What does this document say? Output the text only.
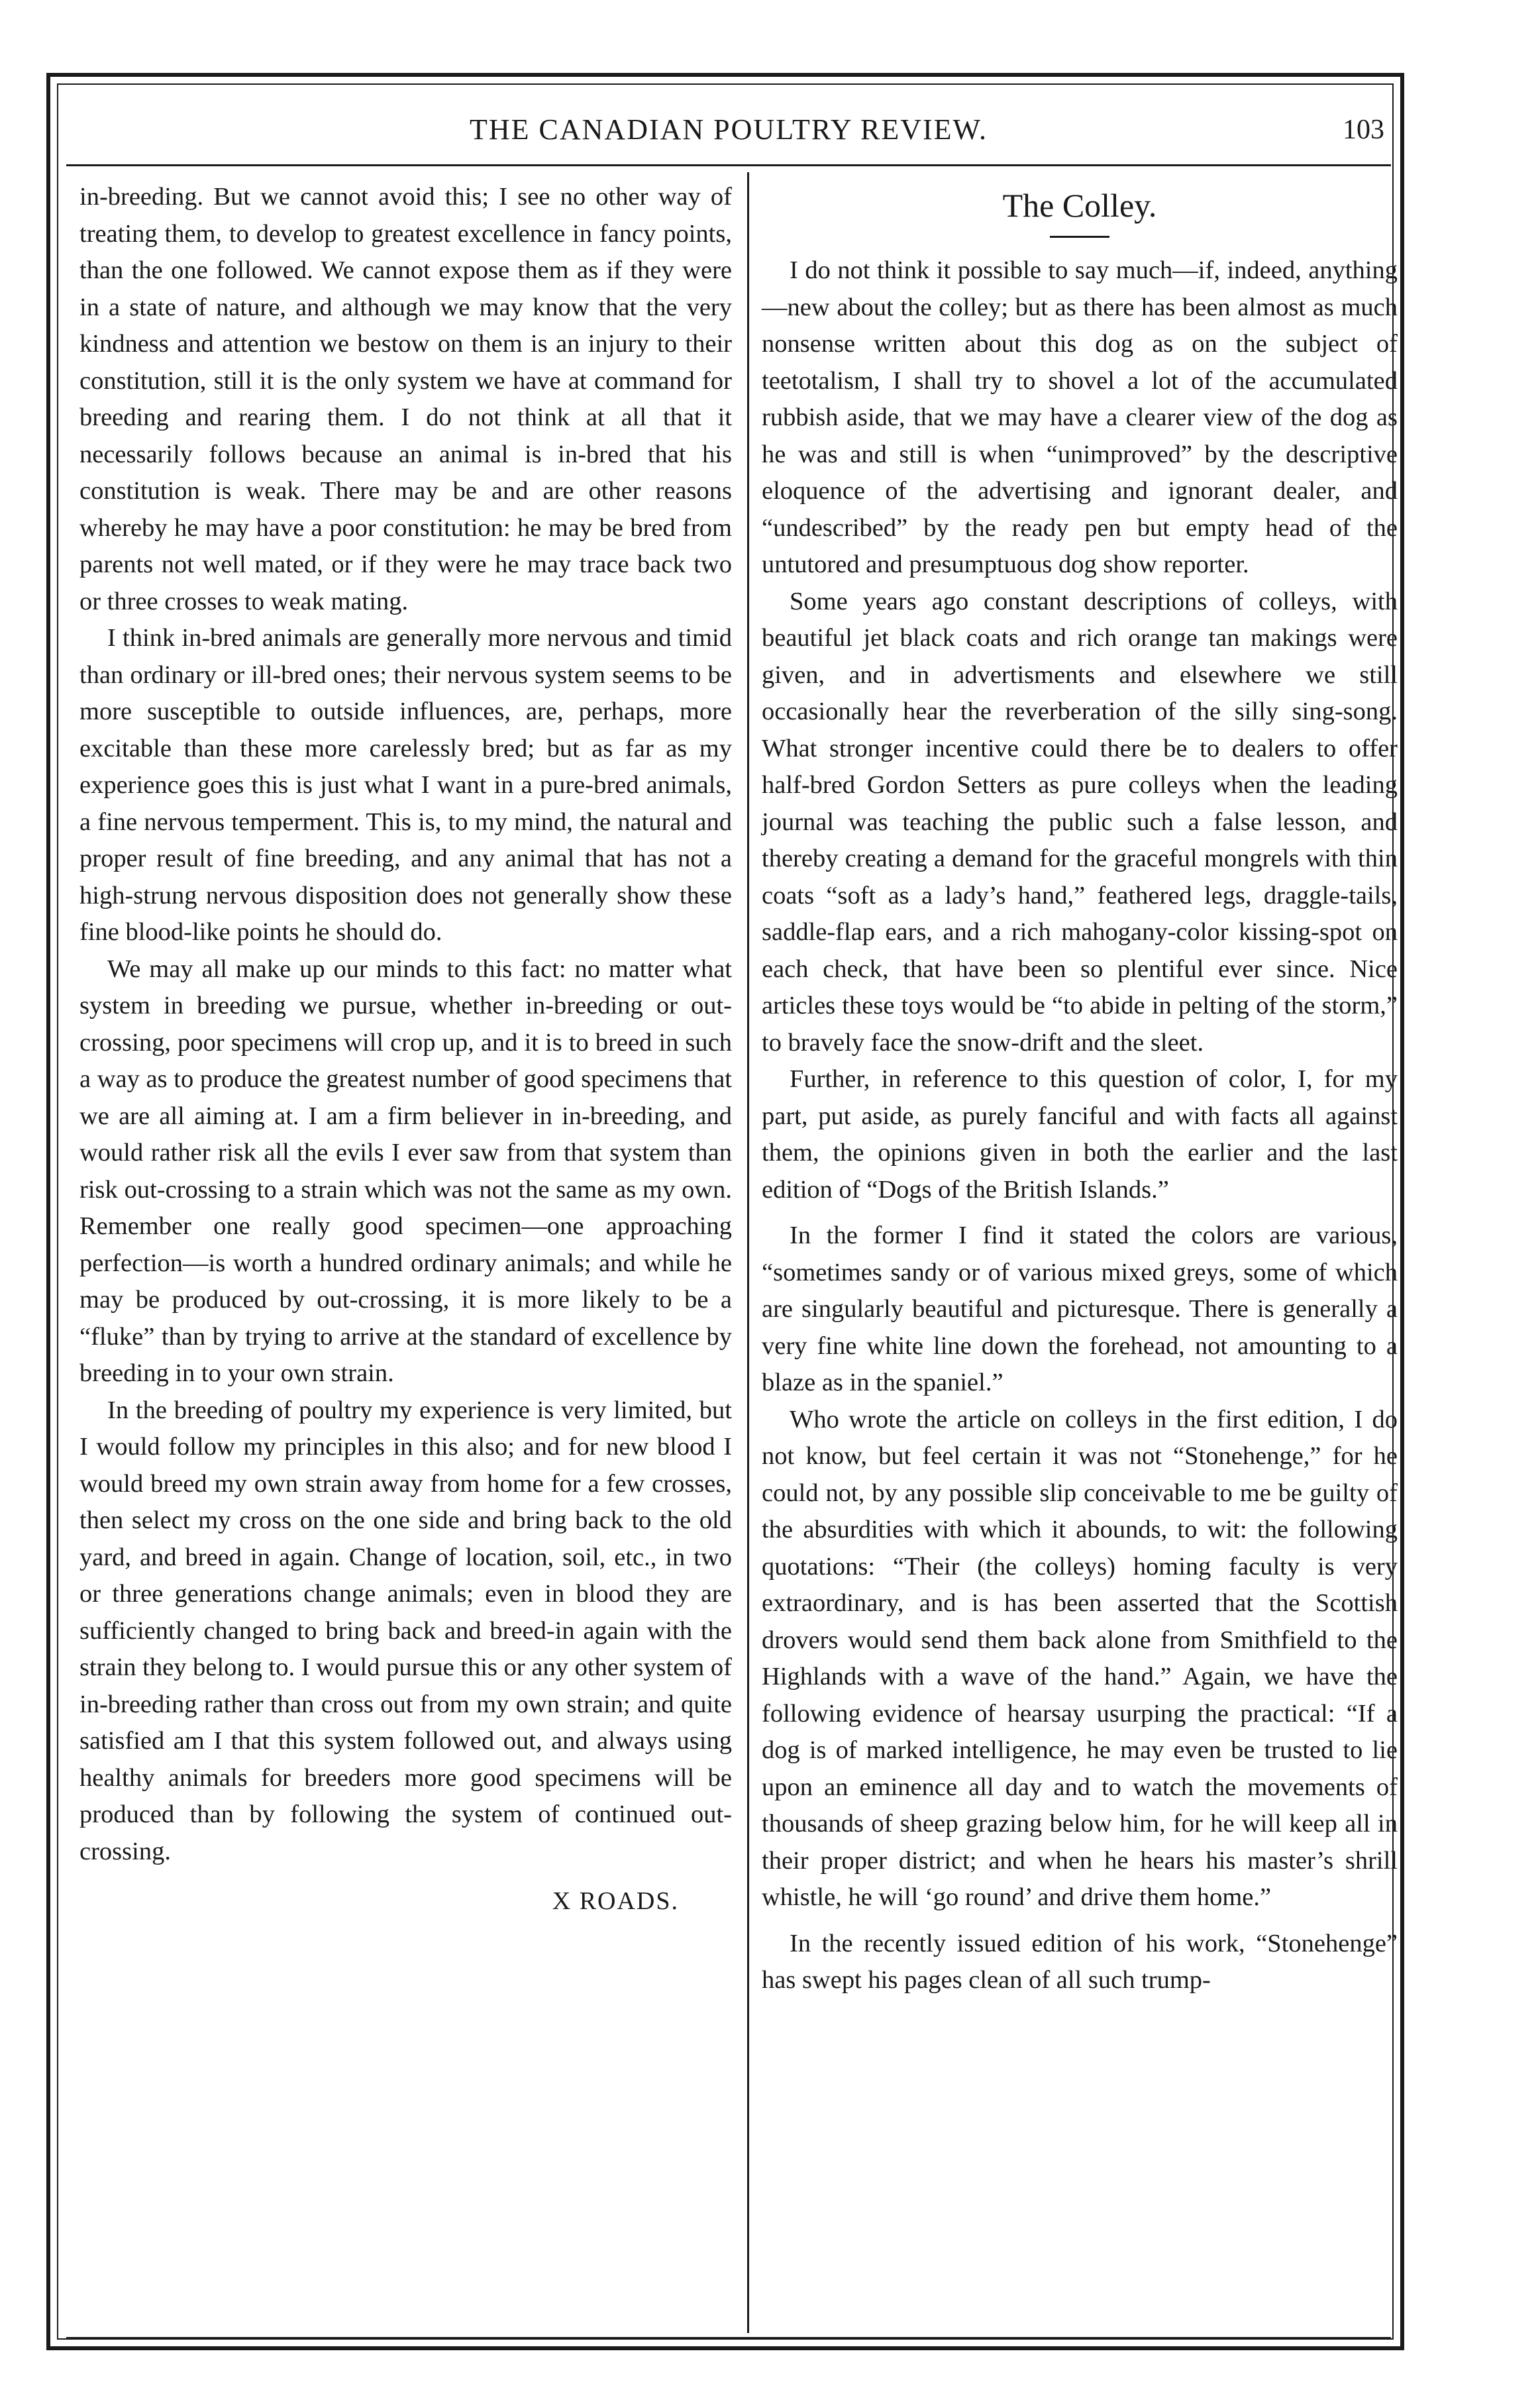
THE CANADIAN POULTRY REVIEW.	103

in-breeding. But we cannot avoid this; I see no other way of treating them, to develop to greatest excellence in fancy points, than the one followed. We cannot expose them as if they were in a state of nature, and although we may know that the very kindness and attention we bestow on them is an injury to their constitution, still it is the only system we have at command for breeding and rearing them. I do not think at all that it necessarily follows because an animal is in-bred that his constitution is weak. There may be and are other reasons whereby he may have a poor constitution: he may be bred from parents not well mated, or if they were he may trace back two or three crosses to weak mating.

I think in-bred animals are generally more nervous and timid than ordinary or ill-bred ones; their nervous system seems to be more susceptible to outside influences, are, perhaps, more excitable than these more carelessly bred; but as far as my experience goes this is just what I want in a pure-bred animals, a fine nervous temperment. This is, to my mind, the natural and proper result of fine breeding, and any animal that has not a high-strung nervous disposition does not generally show these fine blood-like points he should do.

We may all make up our minds to this fact: no matter what system in breeding we pursue, whether in-breeding or out-crossing, poor specimens will crop up, and it is to breed in such a way as to produce the greatest number of good specimens that we are all aiming at. I am a firm believer in in-breeding, and would rather risk all the evils I ever saw from that system than risk out-crossing to a strain which was not the same as my own. Remember one really good specimen—one approaching perfection—is worth a hundred ordinary animals; and while he may be produced by out-crossing, it is more likely to be a “fluke” than by trying to arrive at the standard of excellence by breeding in to your own strain.

In the breeding of poultry my experience is very limited, but I would follow my principles in this also; and for new blood I would breed my own strain away from home for a few crosses, then select my cross on the one side and bring back to the old yard, and breed in again. Change of location, soil, etc., in two or three generations change animals; even in blood they are sufficiently changed to bring back and breed-in again with the strain they belong to. I would pursue this or any other system of in-breeding rather than cross out from my own strain; and quite satisfied am I that this system followed out, and always using healthy animals for breeders more good specimens will be produced than by following the system of continued out-crossing.

X ROADS.
The Colley.

I do not think it possible to say much—if, indeed, anything—new about the colley; but as there has been almost as much nonsense written about this dog as on the subject of teetotalism, I shall try to shovel a lot of the accumulated rubbish aside, that we may have a clearer view of the dog as he was and still is when “unimproved” by the descriptive eloquence of the advertising and ignorant dealer, and “undescribed” by the ready pen but empty head of the untutored and presumptuous dog show reporter.

Some years ago constant descriptions of colleys, with beautiful jet black coats and rich orange tan makings were given, and in advertisments and elsewhere we still occasionally hear the reverberation of the silly sing-song. What stronger incentive could there be to dealers to offer half-bred Gordon Setters as pure colleys when the leading journal was teaching the public such a false lesson, and thereby creating a demand for the graceful mongrels with thin coats “soft as a lady’s hand,” feathered legs, draggle-tails, saddle-flap ears, and a rich mahogany-color kissing-spot on each check, that have been so plentiful ever since. Nice articles these toys would be “to abide in pelting of the storm,” to bravely face the snow-drift and the sleet.

Further, in reference to this question of color, I, for my part, put aside, as purely fanciful and with facts all against them, the opinions given in both the earlier and the last edition of “Dogs of the British Islands.”

In the former I find it stated the colors are various, “sometimes sandy or of various mixed greys, some of which are singularly beautiful and picturesque. There is generally a very fine white line down the forehead, not amounting to a blaze as in the spaniel.”

Who wrote the article on colleys in the first edition, I do not know, but feel certain it was not “Stonehenge,” for he could not, by any possible slip conceivable to me be guilty of the absurdities with which it abounds, to wit: the following quotations: “Their (the colleys) homing faculty is very extraordinary, and is has been asserted that the Scottish drovers would send them back alone from Smithfield to the Highlands with a wave of the hand.” Again, we have the following evidence of hearsay usurping the practical: “If a dog is of marked intelligence, he may even be trusted to lie upon an eminence all day and to watch the movements of thousands of sheep grazing below him, for he will keep all in their proper district; and when he hears his master’s shrill whistle, he will ‘go round’ and drive them home.”

In the recently issued edition of his work, “Stonehenge” has swept his pages clean of all such trump-
